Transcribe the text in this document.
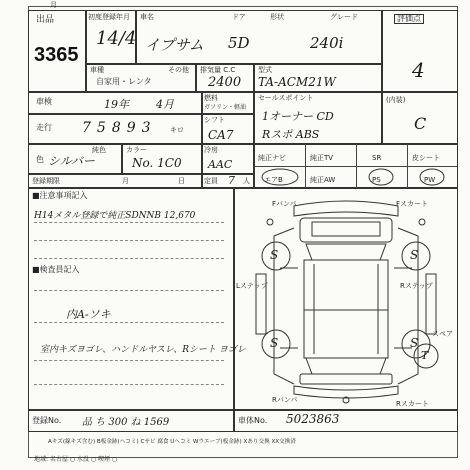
出品
月
3365
初度登録年月
14/4
車名
イプサム
ドア
5D
形状	グレード
240i
評価点
4
(内装)
C
車種
自家用・レンタ
その他 排気量 C.C
2400
型式
TA-ACM21W
車検	19年 4月	燃料
ガソリン・軽油
セールスポイント
1オーナー CD
Rスポ ABS
走行 75893 キロ
シフト
CA7
色 シルバー
純色	カラー
No. 1C0
冷房
AAC	純正ナビ	純正TV	SR	皮シート
エアB	純正AW	PS	PW
登録期限	月	日	定員 7 人
■注意事項記入
H14メタル登録で純正SDNNB 12,670
■検査員記入
内A-ソキ
室内キズヨゴレ、ハンドルヤスレ、Rシート ヨゴレ
Fバンパ	Fスカート
Lステップ	Rステップ
スペア
Rバンパ	Rスカート
S	S
S	S
T
登録No. 品 ち 300 ね 1569	車体No. 5023863
Aキズ(線キズ含む) B板金跡(ヘコミ) Cサビ 腐食 Uヘコミ Wウエーブ(板金跡) Xあり交換 XX交換済
地域: 名古屋 ○ 水没 ○ 喫煙 ○
